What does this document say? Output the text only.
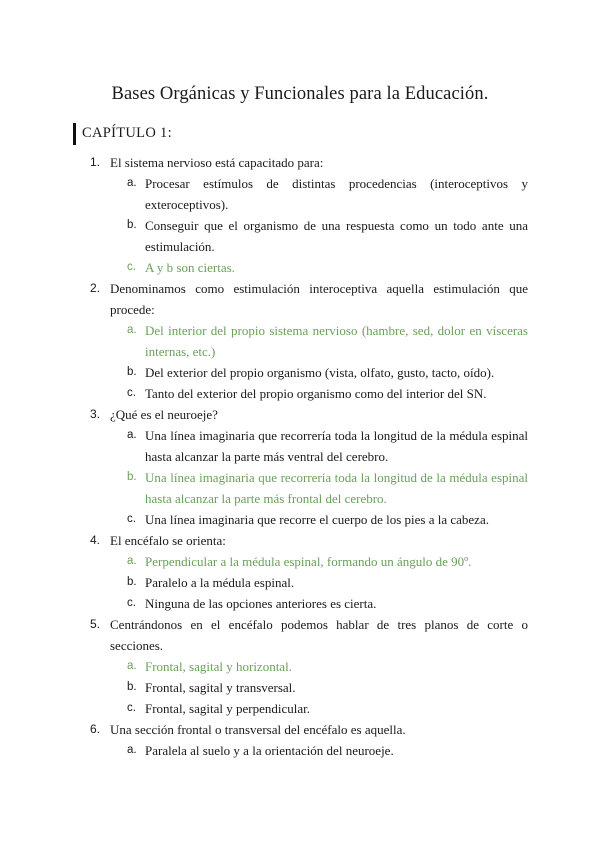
Bases Orgánicas y Funcionales para la Educación.
CAPÍTULO 1:
1. El sistema nervioso está capacitado para:
a. Procesar estímulos de distintas procedencias (interoceptivos y exteroceptivos).
b. Conseguir que el organismo de una respuesta como un todo ante una estimulación.
c. A y b son ciertas.
2. Denominamos como estimulación interoceptiva aquella estimulación que procede:
a. Del interior del propio sistema nervioso (hambre, sed, dolor en vísceras internas, etc.)
b. Del exterior del propio organismo (vista, olfato, gusto, tacto, oído).
c. Tanto del exterior del propio organismo como del interior del SN.
3. ¿Qué es el neuroeje?
a. Una línea imaginaria que recorrería toda la longitud de la médula espinal hasta alcanzar la parte más ventral del cerebro.
b. Una línea imaginaria que recorrería toda la longitud de la médula espinal hasta alcanzar la parte más frontal del cerebro.
c. Una línea imaginaria que recorre el cuerpo de los pies a la cabeza.
4. El encéfalo se orienta:
a. Perpendicular a la médula espinal, formando un ángulo de 90º.
b. Paralelo a la médula espinal.
c. Ninguna de las opciones anteriores es cierta.
5. Centrándonos en el encéfalo podemos hablar de tres planos de corte o secciones.
a. Frontal, sagital y horizontal.
b. Frontal, sagital y transversal.
c. Frontal, sagital y perpendicular.
6. Una sección frontal o transversal del encéfalo es aquella.
a. Paralela al suelo y a la orientación del neuroeje.
